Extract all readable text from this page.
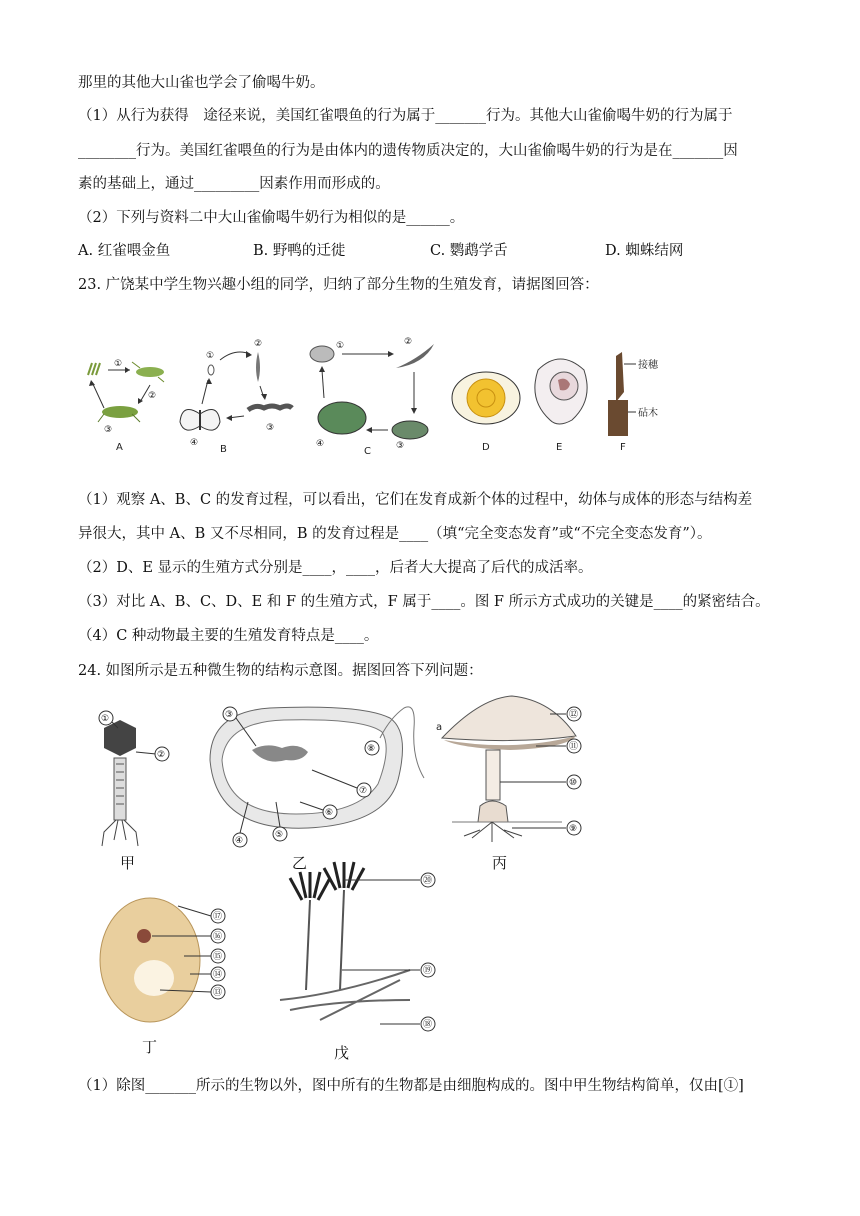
那里的其他大山雀也学会了偷喝牛奶。
（1）从行为获得　途径来说，美国红雀喂鱼的行为属于_______行为。其他大山雀偷喝牛奶的行为属于
________行为。美国红雀喂鱼的行为是由体内的遗传物质决定的，大山雀偷喝牛奶的行为是在_______因
素的基础上，通过_________因素作用而形成的。
（2）下列与资料二中大山雀偷喝牛奶行为相似的是______。
A. 红雀喂金鱼	B. 野鸭的迁徙	C. 鹦鹉学舌	D. 蜘蛛结网
23. 广饶某中学生物兴趣小组的同学，归纳了部分生物的生殖发育，请据图回答：
①
②
③
A
①
②
③
④
B
①	②
③
④
C	D	E
接穗
砧木
F
（1）观察 A、B、C 的发育过程，可以看出，它们在发育成新个体的过程中，幼体与成体的形态与结构差
异很大，其中 A、B 又不尽相同，B 的发育过程是____（填“完全变态发育”或“不完全变态发育”）。
（2）D、E 显示的生殖方式分别是____，____，后者大大提高了后代的成活率。
（3）对比 A、B、C、D、E 和 F 的生殖方式，F 属于____。图 F 所示方式成功的关键是____的紧密结合。
（4）C 种动物最主要的生殖发育特点是____。
24. 如图所示是五种微生物的结构示意图。据图回答下列问题：
①
②
甲
③
⑧
⑦
⑥
⑤
④
乙
a
⑫
⑪
⑩
⑨
丙
⑰
⑯
⑮
⑭
⑬
丁
⑳
⑲
⑱
戊
（1）除图_______所示的生物以外，图中所有的生物都是由细胞构成的。图中甲生物结构简单，仅由[①]
